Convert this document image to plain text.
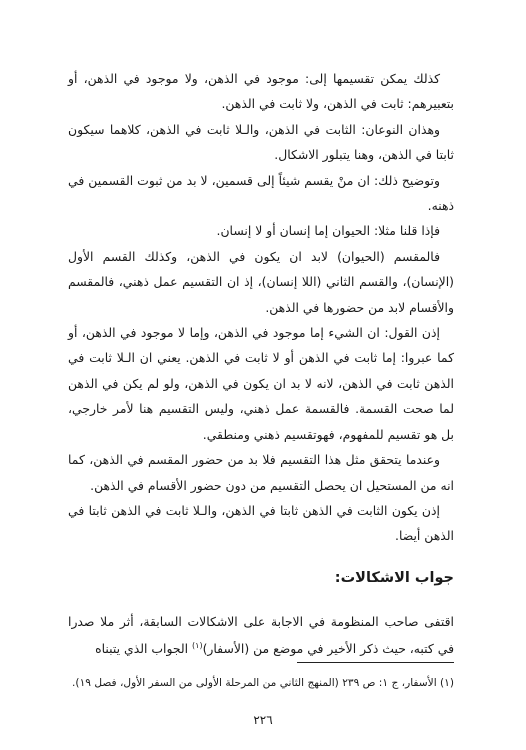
كذلك يمكن تقسيمها إلى: موجود في الذهن، ولا موجود في الذهن، أو بتعبيرهم: ثابت في الذهن، ولا ثابت في الذهن.

وهذان النوعان: الثابت في الذهن، والـلا ثابت في الذهن، كلاهما سيكون ثابتا في الذهن، وهنا يتبلور الاشكال.

وتوضيح ذلك: ان منْ يقسم شيئاً إلى قسمين، لا بد من ثبوت القسمين في ذهنه.

فإذا قلنا مثلا: الحيوان إما إنسان أو لا إنسان.

فالمقسم (الحيوان) لابد ان يكون في الذهن، وكذلك القسم الأول (الإنسان)، والقسم الثاني (اللا إنسان)، إذ ان التقسيم عمل ذهني، فالمقسم والأقسام لابد من حضورها في الذهن.

إذن القول: ان الشيء إما موجود في الذهن، وإما لا موجود في الذهن، أو كما عبروا: إما ثابت في الذهن أو لا ثابت في الذهن. يعني ان الـلا ثابت في الذهن ثابت في الذهن، لانه لا بد ان يكون في الذهن، ولو لم يكن في الذهن لما صحت القسمة. فالقسمة عمل ذهني، وليس التقسيم هنا لأمر خارجي، بل هو تقسيم للمفهوم، فهوتقسيم ذهني ومنطقي.

وعندما يتحقق مثل هذا التقسيم فلا بد من حضور المقسم في الذهن، كما انه من المستحيل ان يحصل التقسيم من دون حضور الأقسام في الذهن.

إذن يكون الثابت في الذهن ثابتا في الذهن، والـلا ثابت في الذهن ثابتا في الذهن أيضا.

جواب الاشكالات:

اقتفى صاحب المنظومة في الاجابة على الاشكالات السابقة، أثر ملا صدرا في كتبه، حيث ذكر الأخير في موضع من (الأسفار)$^{(١)}$ الجواب الذي يتبناه

(١) الأسفار، ج ١: ص ٢٣٩ (المنهج الثاني من المرحلة الأولى من السفر الأول، فصل ١٩).

٢٢٦
